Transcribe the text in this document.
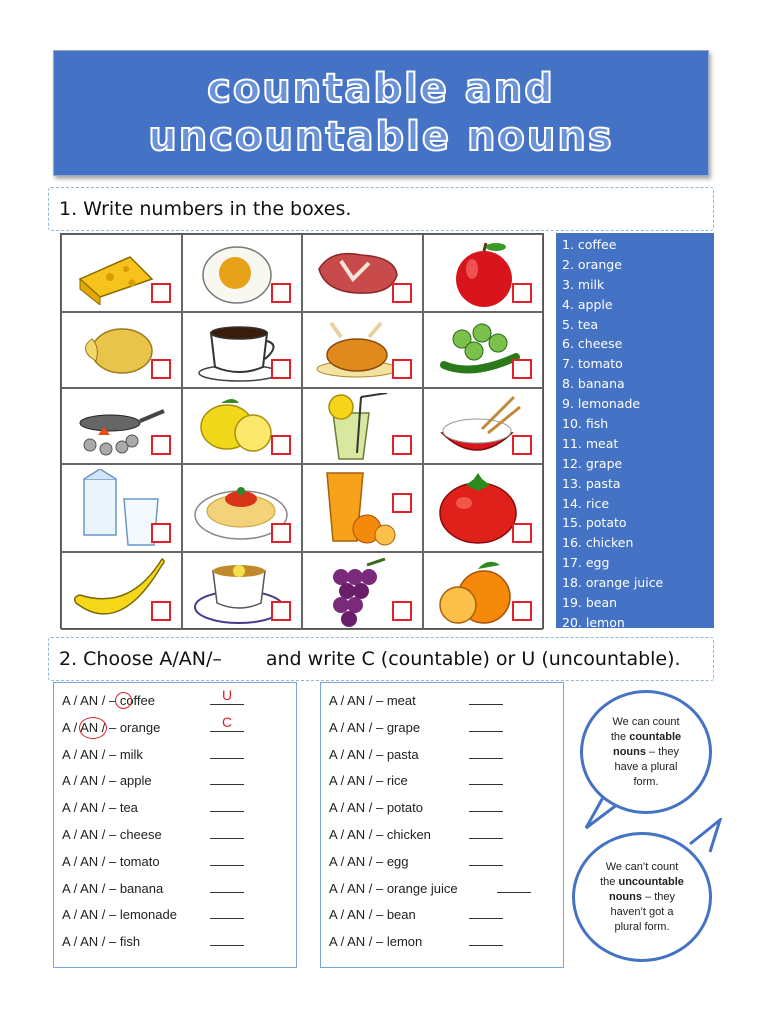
countable and
uncountable nouns
1. Write numbers in the boxes.
1. coffee
2. orange
3. milk
4. apple
5. tea
6. cheese
7. tomato
8. banana
9. lemonade
10. fish
11. meat
12. grape
13. pasta
14. rice
15. potato
16. chicken
17. egg
18. orange juice
19. bean
20. lemon
2. Choose A/AN/– and write C (countable) or U (uncountable).
A / AN / – coffee	U
A / AN / – orange	C
A / AN / – milk
A / AN / – apple
A / AN / – tea
A / AN / – cheese
A / AN / – tomato
A / AN / – banana
A / AN / – lemonade
A / AN / – fish
A / AN / – meat
A / AN / – grape
A / AN / – pasta
A / AN / – rice
A / AN / – potato
A / AN / – chicken
A / AN / – egg
A / AN / – orange juice
A / AN / – bean
A / AN / – lemon
We can count
the countable
nouns – they
have a plural
form.
We can’t count
the uncountable
nouns – they
haven’t got a
plural form.
